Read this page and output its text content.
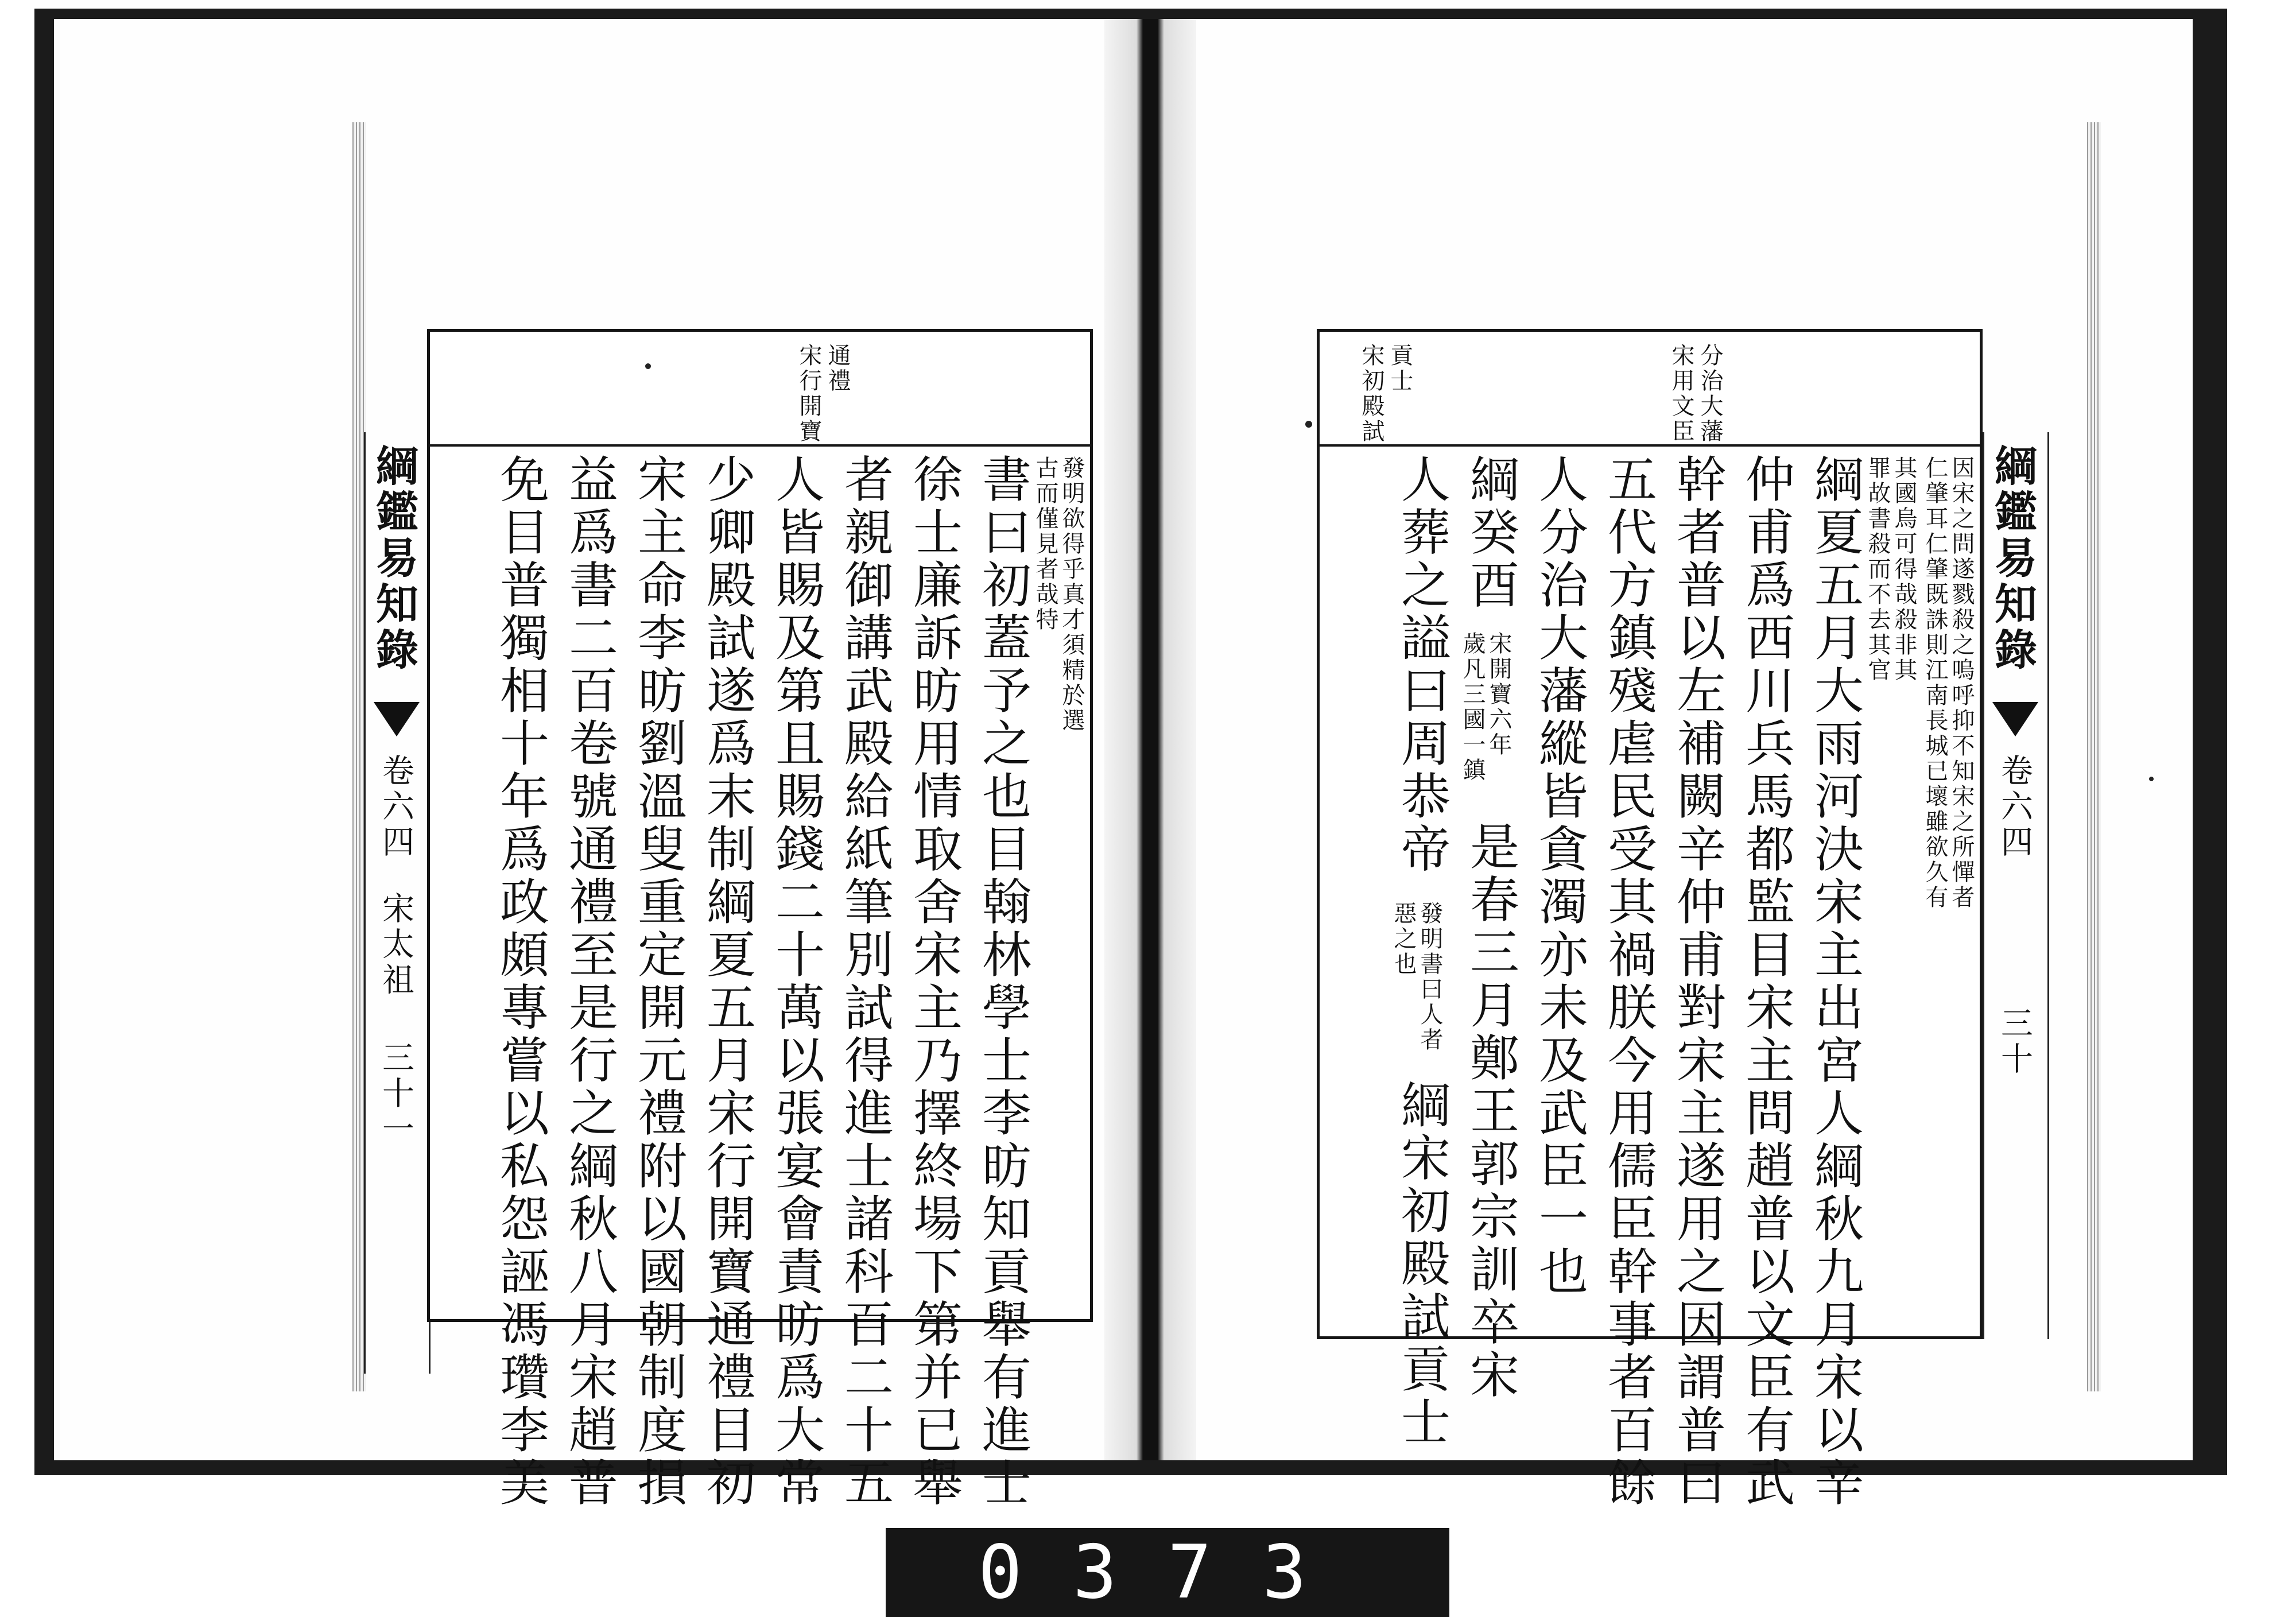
綱鑑易知錄
卷六四
宋太祖
三十一
宋行開寶 通禮
發明欲得乎真才須精於選
古而僅見者哉特
書曰初蓋予之也目翰林學士李昉知貢舉有進士
徐士廉訴昉用情取舍宋主乃擇終場下第并已舉
者親御講武殿給紙筆別試得進士諸科百二十五
人皆賜及第且賜錢二十萬以張宴會責昉爲大常
少卿殿試遂爲末制綱夏五月宋行開寶通禮目初
宋主命李昉劉溫叟重定開元禮附以國朝制度損
益爲書二百卷號通禮至是行之綱秋八月宋趙普
免目普獨相十年爲政頗專嘗以私怨誣馮瓚李美
宋用文臣 分治大藩
宋初殿試 貢士
因宋之問遂戮殺之嗚呼抑不知宋之所憚者
仁肇耳仁肇既誅則江南長城已壞雖欲久有
其國烏可得哉殺非其
罪故書殺而不去其官
綱夏五月大雨河決宋主出宮人綱秋九月宋以辛
仲甫爲西川兵馬都監目宋主問趙普以文臣有武
幹者普以左補闕辛仲甫對宋主遂用之因謂普曰
五代方鎮殘虐民受其禍朕今用儒臣幹事者百餘
人分治大藩縱皆貪濁亦未及武臣一也
綱癸酉
宋開寶六年
歲凡三國一鎮
是春三月鄭王郭宗訓卒宋
人葬之謚曰周恭帝
發明書曰人者
惡之也
綱宋初殿試貢士
綱鑑易知錄
卷六四
三十
0373
